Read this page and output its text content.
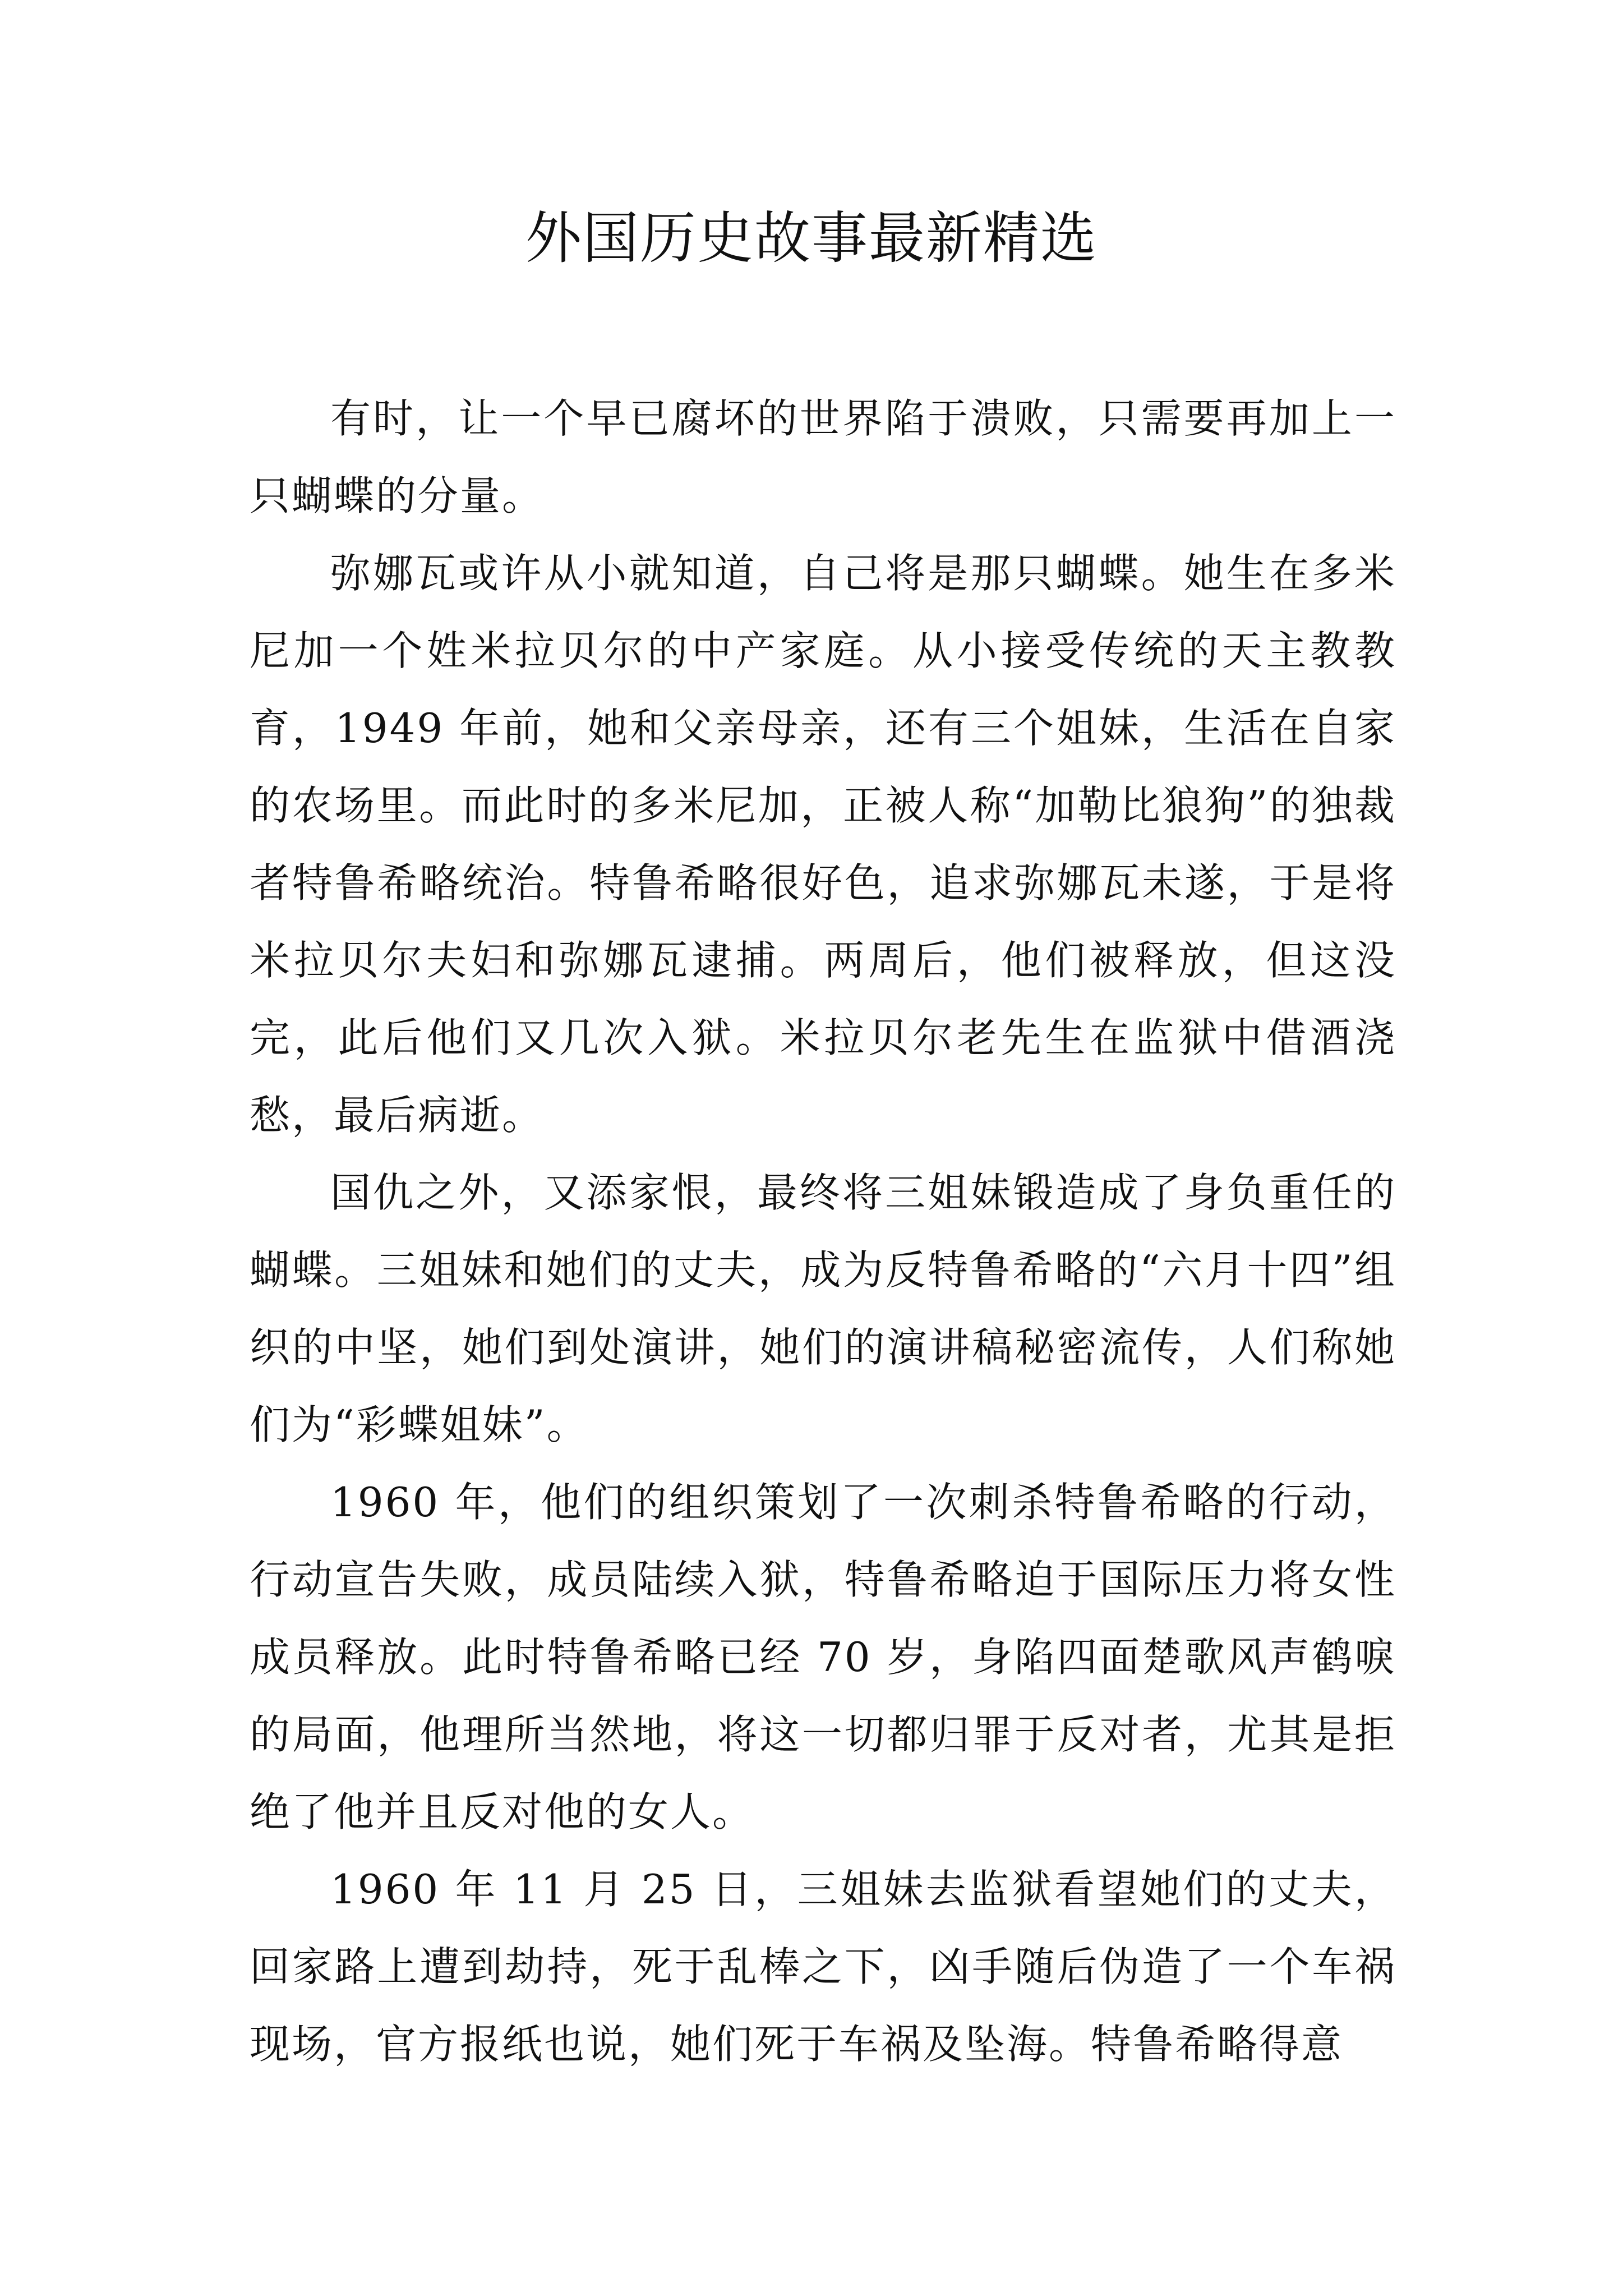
外国历史故事最新精选

有时，让一个早已腐坏的世界陷于溃败，只需要再加上一只蝴蝶的分量。

弥娜瓦或许从小就知道，自己将是那只蝴蝶。她生在多米尼加一个姓米拉贝尔的中产家庭。从小接受传统的天主教教育，1949 年前，她和父亲母亲，还有三个姐妹，生活在自家的农场里。而此时的多米尼加，正被人称“加勒比狼狗”的独裁者特鲁希略统治。特鲁希略很好色，追求弥娜瓦未遂，于是将米拉贝尔夫妇和弥娜瓦逮捕。两周后，他们被释放，但这没完，此后他们又几次入狱。米拉贝尔老先生在监狱中借酒浇愁，最后病逝。

国仇之外，又添家恨，最终将三姐妹锻造成了身负重任的蝴蝶。三姐妹和她们的丈夫，成为反特鲁希略的“六月十四”组织的中坚，她们到处演讲，她们的演讲稿秘密流传，人们称她们为“彩蝶姐妹”。

1960 年，他们的组织策划了一次刺杀特鲁希略的行动，行动宣告失败，成员陆续入狱，特鲁希略迫于国际压力将女性成员释放。此时特鲁希略已经 70 岁，身陷四面楚歌风声鹤唳的局面，他理所当然地，将这一切都归罪于反对者，尤其是拒绝了他并且反对他的女人。

1960 年 11 月 25 日，三姐妹去监狱看望她们的丈夫，回家路上遭到劫持，死于乱棒之下，凶手随后伪造了一个车祸现场，官方报纸也说，她们死于车祸及坠海。特鲁希略得意
